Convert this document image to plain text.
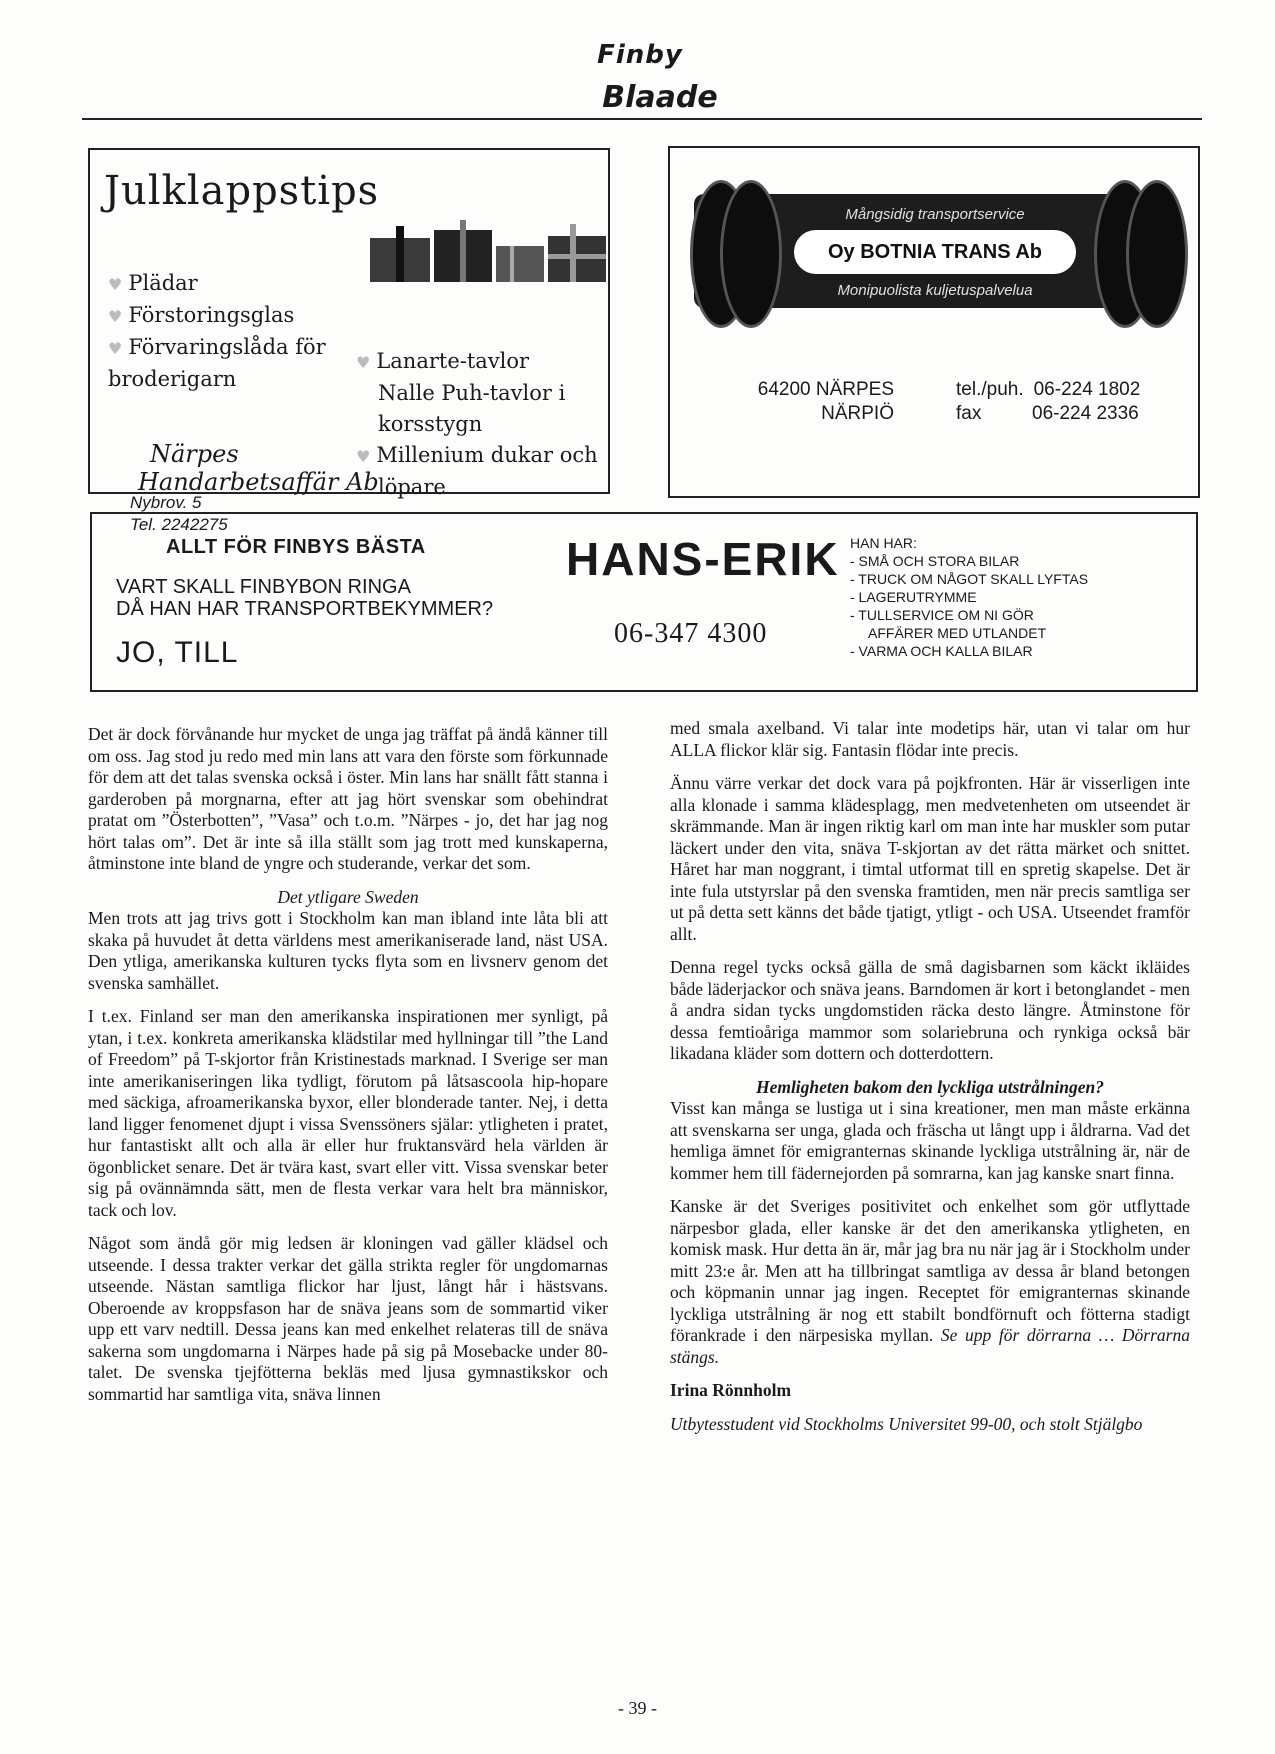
Finby
Blaade
Julklappstips
♥ Plädar
♥ Förstoringsglas
♥ Förvaringslåda för
broderigarn
♥ Lanarte-tavlor
Nalle Puh-tavlor i
korsstygn
♥ Millenium dukar och
löpare
Närpes
Handarbetsaffär Ab
Nybrov. 5
Tel. 2242275
Mångsidig transportservice
Oy BOTNIA TRANS Ab
Monipuolista kuljetuspalvelua
64200 NÄRPES
NÄRPIÖ
tel./puh. 06-224 1802
fax	06-224 2336
ALLT FÖR FINBYS BÄSTA
VART SKALL FINBYBON RINGA
DÅ HAN HAR TRANSPORTBEKYMMER?
JO, TILL
HANS-ERIK
06-347 4300
HAN HAR:
- SMÅ OCH STORA BILAR
- TRUCK OM NÅGOT SKALL LYFTAS
- LAGERUTRYMME
- TULLSERVICE OM NI GÖR
AFFÄRER MED UTLANDET
- VARMA OCH KALLA BILAR

Det är dock förvånande hur mycket de unga jag träffat på ändå känner till om oss. Jag stod ju redo med min lans att vara den förste som förkunnade för dem att det talas svenska också i öster. Min lans har snällt fått stanna i garderoben på morgnarna, efter att jag hört svenskar som obehindrat pratat om ”Österbotten”, ”Vasa” och t.o.m. ”Närpes - jo, det har jag nog hört talas om”. Det är inte så illa ställt som jag trott med kunskaperna, åtminstone inte bland de yngre och studerande, verkar det som.

Det ytligare Sweden

Men trots att jag trivs gott i Stockholm kan man ibland inte låta bli att skaka på huvudet åt detta världens mest amerikaniserade land, näst USA. Den ytliga, amerikanska kulturen tycks flyta som en livsnerv genom det svenska samhället.

I t.ex. Finland ser man den amerikanska inspirationen mer synligt, på ytan, i t.ex. konkreta amerikanska klädstilar med hyllningar till ”the Land of Freedom” på T-skjortor från Kristinestads marknad. I Sverige ser man inte amerikaniseringen lika tydligt, förutom på låtsascoola hip-hopare med säckiga, afroamerikanska byxor, eller blonderade tanter. Nej, i detta land ligger fenomenet djupt i vissa Svenssöners själar: ytligheten i pratet, hur fantastiskt allt och alla är eller hur fruktansvärd hela världen är ögonblicket senare. Det är tvära kast, svart eller vitt. Vissa svenskar beter sig på ovännämnda sätt, men de flesta verkar vara helt bra människor, tack och lov.

Något som ändå gör mig ledsen är kloningen vad gäller klädsel och utseende. I dessa trakter verkar det gälla strikta regler för ungdomarnas utseende. Nästan samtliga flickor har ljust, långt hår i hästsvans. Oberoende av kroppsfason har de snäva jeans som de sommartid viker upp ett varv nedtill. Dessa jeans kan med enkelhet relateras till de snäva sakerna som ungdomarna i Närpes hade på sig på Mosebacke under 80-talet. De svenska tjejfötterna bekläs med ljusa gymnastikskor och sommartid har samtliga vita, snäva linnen

med smala axelband. Vi talar inte modetips här, utan vi talar om hur ALLA flickor klär sig. Fantasin flödar inte precis.

Ännu värre verkar det dock vara på pojkfronten. Här är visserligen inte alla klonade i samma klädesplagg, men medvetenheten om utseendet är skrämmande. Man är ingen riktig karl om man inte har muskler som putar läckert under den vita, snäva T-skjortan av det rätta märket och snittet. Håret har man noggrant, i timtal utformat till en spretig skapelse. Det är inte fula utstyrslar på den svenska framtiden, men när precis samtliga ser ut på detta sett känns det både tjatigt, ytligt - och USA. Utseendet framför allt.

Denna regel tycks också gälla de små dagisbarnen som käckt ikläides både läderjackor och snäva jeans. Barndomen är kort i betonglandet - men å andra sidan tycks ungdomstiden räcka desto längre. Åtminstone för dessa femtioåriga mammor som solariebruna och rynkiga också bär likadana kläder som dottern och dotterdottern.

Hemligheten bakom den lyckliga utstrålningen?

Visst kan många se lustiga ut i sina kreationer, men man måste erkänna att svenskarna ser unga, glada och fräscha ut långt upp i åldrarna. Vad det hemliga ämnet för emigranternas skinande lyckliga utstrålning är, när de kommer hem till fädernejorden på somrarna, kan jag kanske snart finna.

Kanske är det Sveriges positivitet och enkelhet som gör utflyttade närpesbor glada, eller kanske är det den amerikanska ytligheten, en komisk mask. Hur detta än är, mår jag bra nu när jag är i Stockholm under mitt 23:e år. Men att ha tillbringat samtliga av dessa år bland betongen och köpmanin unnar jag ingen. Receptet för emigranternas skinande lyckliga utstrålning är nog ett stabilt bondförnuft och fötterna stadigt förankrade i den närpesiska myllan. Se upp för dörrarna … Dörrarna stängs.

Irina Rönnholm

Utbytesstudent vid Stockholms Universitet 99-00, och stolt Stjälgbo

- 39 -
